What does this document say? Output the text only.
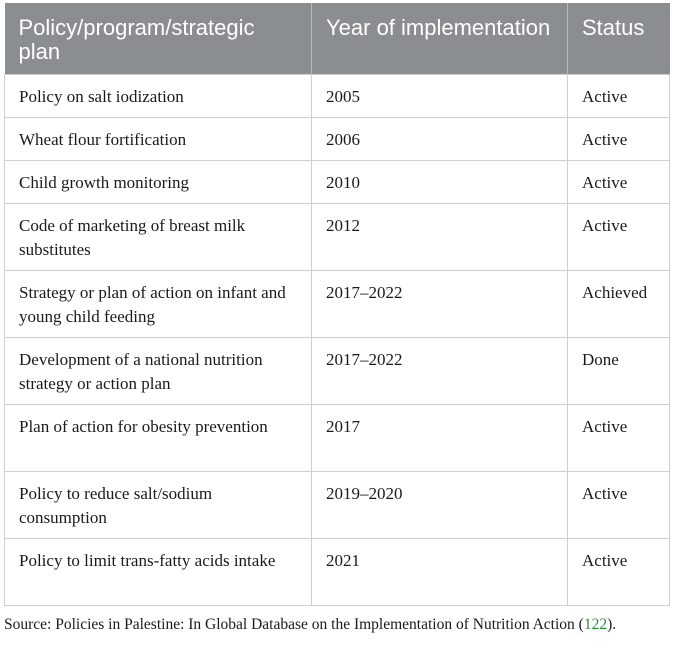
Policy/program/strategic plan	Year of implementation	Status
Policy on salt iodization	2005	Active
Wheat flour fortification	2006	Active
Child growth monitoring	2010	Active
Code of marketing of breast milk substitutes	2012	Active
Strategy or plan of action on infant and young child feeding	2017–2022	Achieved
Development of a national nutrition strategy or action plan	2017–2022	Done
Plan of action for obesity prevention	2017	Active
Policy to reduce salt/sodium consumption	2019–2020	Active
Policy to limit trans-fatty acids intake	2021	Active
Source: Policies in Palestine: In Global Database on the Implementation of Nutrition Action (122).
